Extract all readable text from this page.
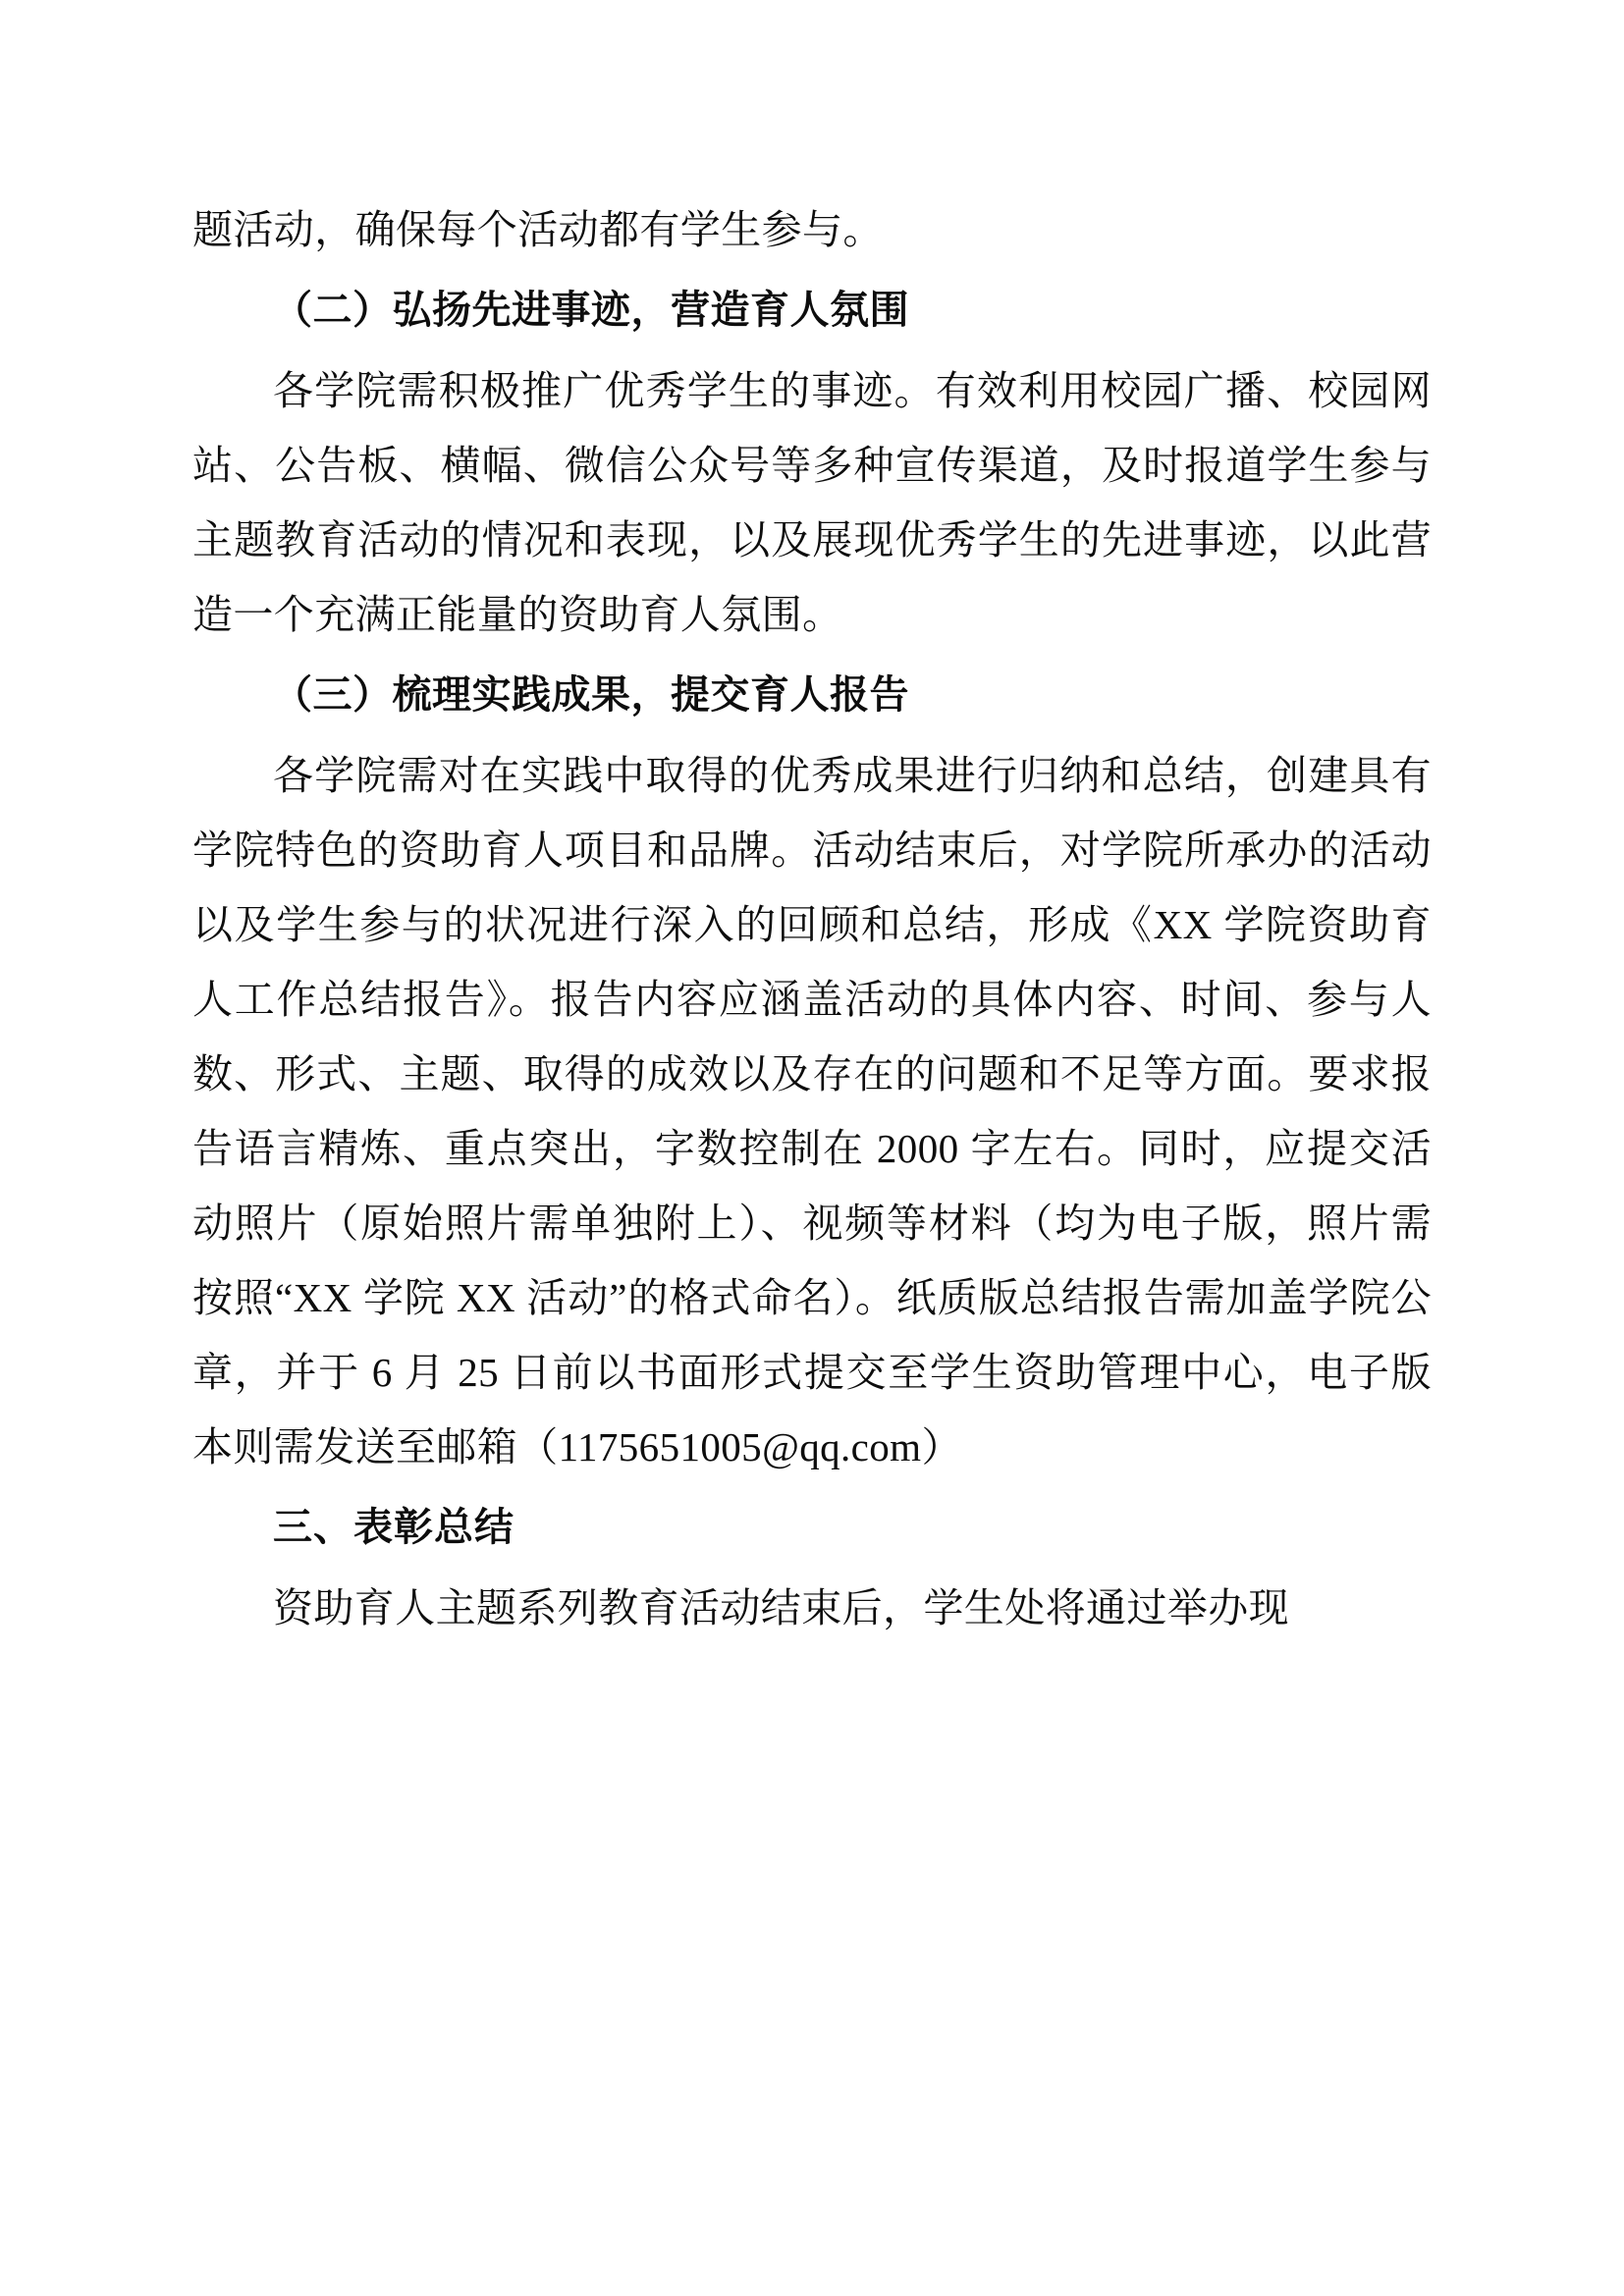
题活动，确保每个活动都有学生参与。

（二）弘扬先进事迹，营造育人氛围

各学院需积极推广优秀学生的事迹。有效利用校园广播、校园网站、公告板、横幅、微信公众号等多种宣传渠道，及时报道学生参与主题教育活动的情况和表现，以及展现优秀学生的先进事迹，以此营造一个充满正能量的资助育人氛围。

（三）梳理实践成果，提交育人报告

各学院需对在实践中取得的优秀成果进行归纳和总结，创建具有学院特色的资助育人项目和品牌。活动结束后，对学院所承办的活动以及学生参与的状况进行深入的回顾和总结，形成《XX 学院资助育人工作总结报告》。报告内容应涵盖活动的具体内容、时间、参与人数、形式、主题、取得的成效以及存在的问题和不足等方面。要求报告语言精炼、重点突出，字数控制在 2000 字左右。同时，应提交活动照片（原始照片需单独附上）、视频等材料（均为电子版，照片需按照“XX 学院 XX 活动”的格式命名）。纸质版总结报告需加盖学院公章，并于 6 月 25 日前以书面形式提交至学生资助管理中心，电子版本则需发送至邮箱（1175651005@qq.com）

三、表彰总结

资助育人主题系列教育活动结束后，学生处将通过举办现
